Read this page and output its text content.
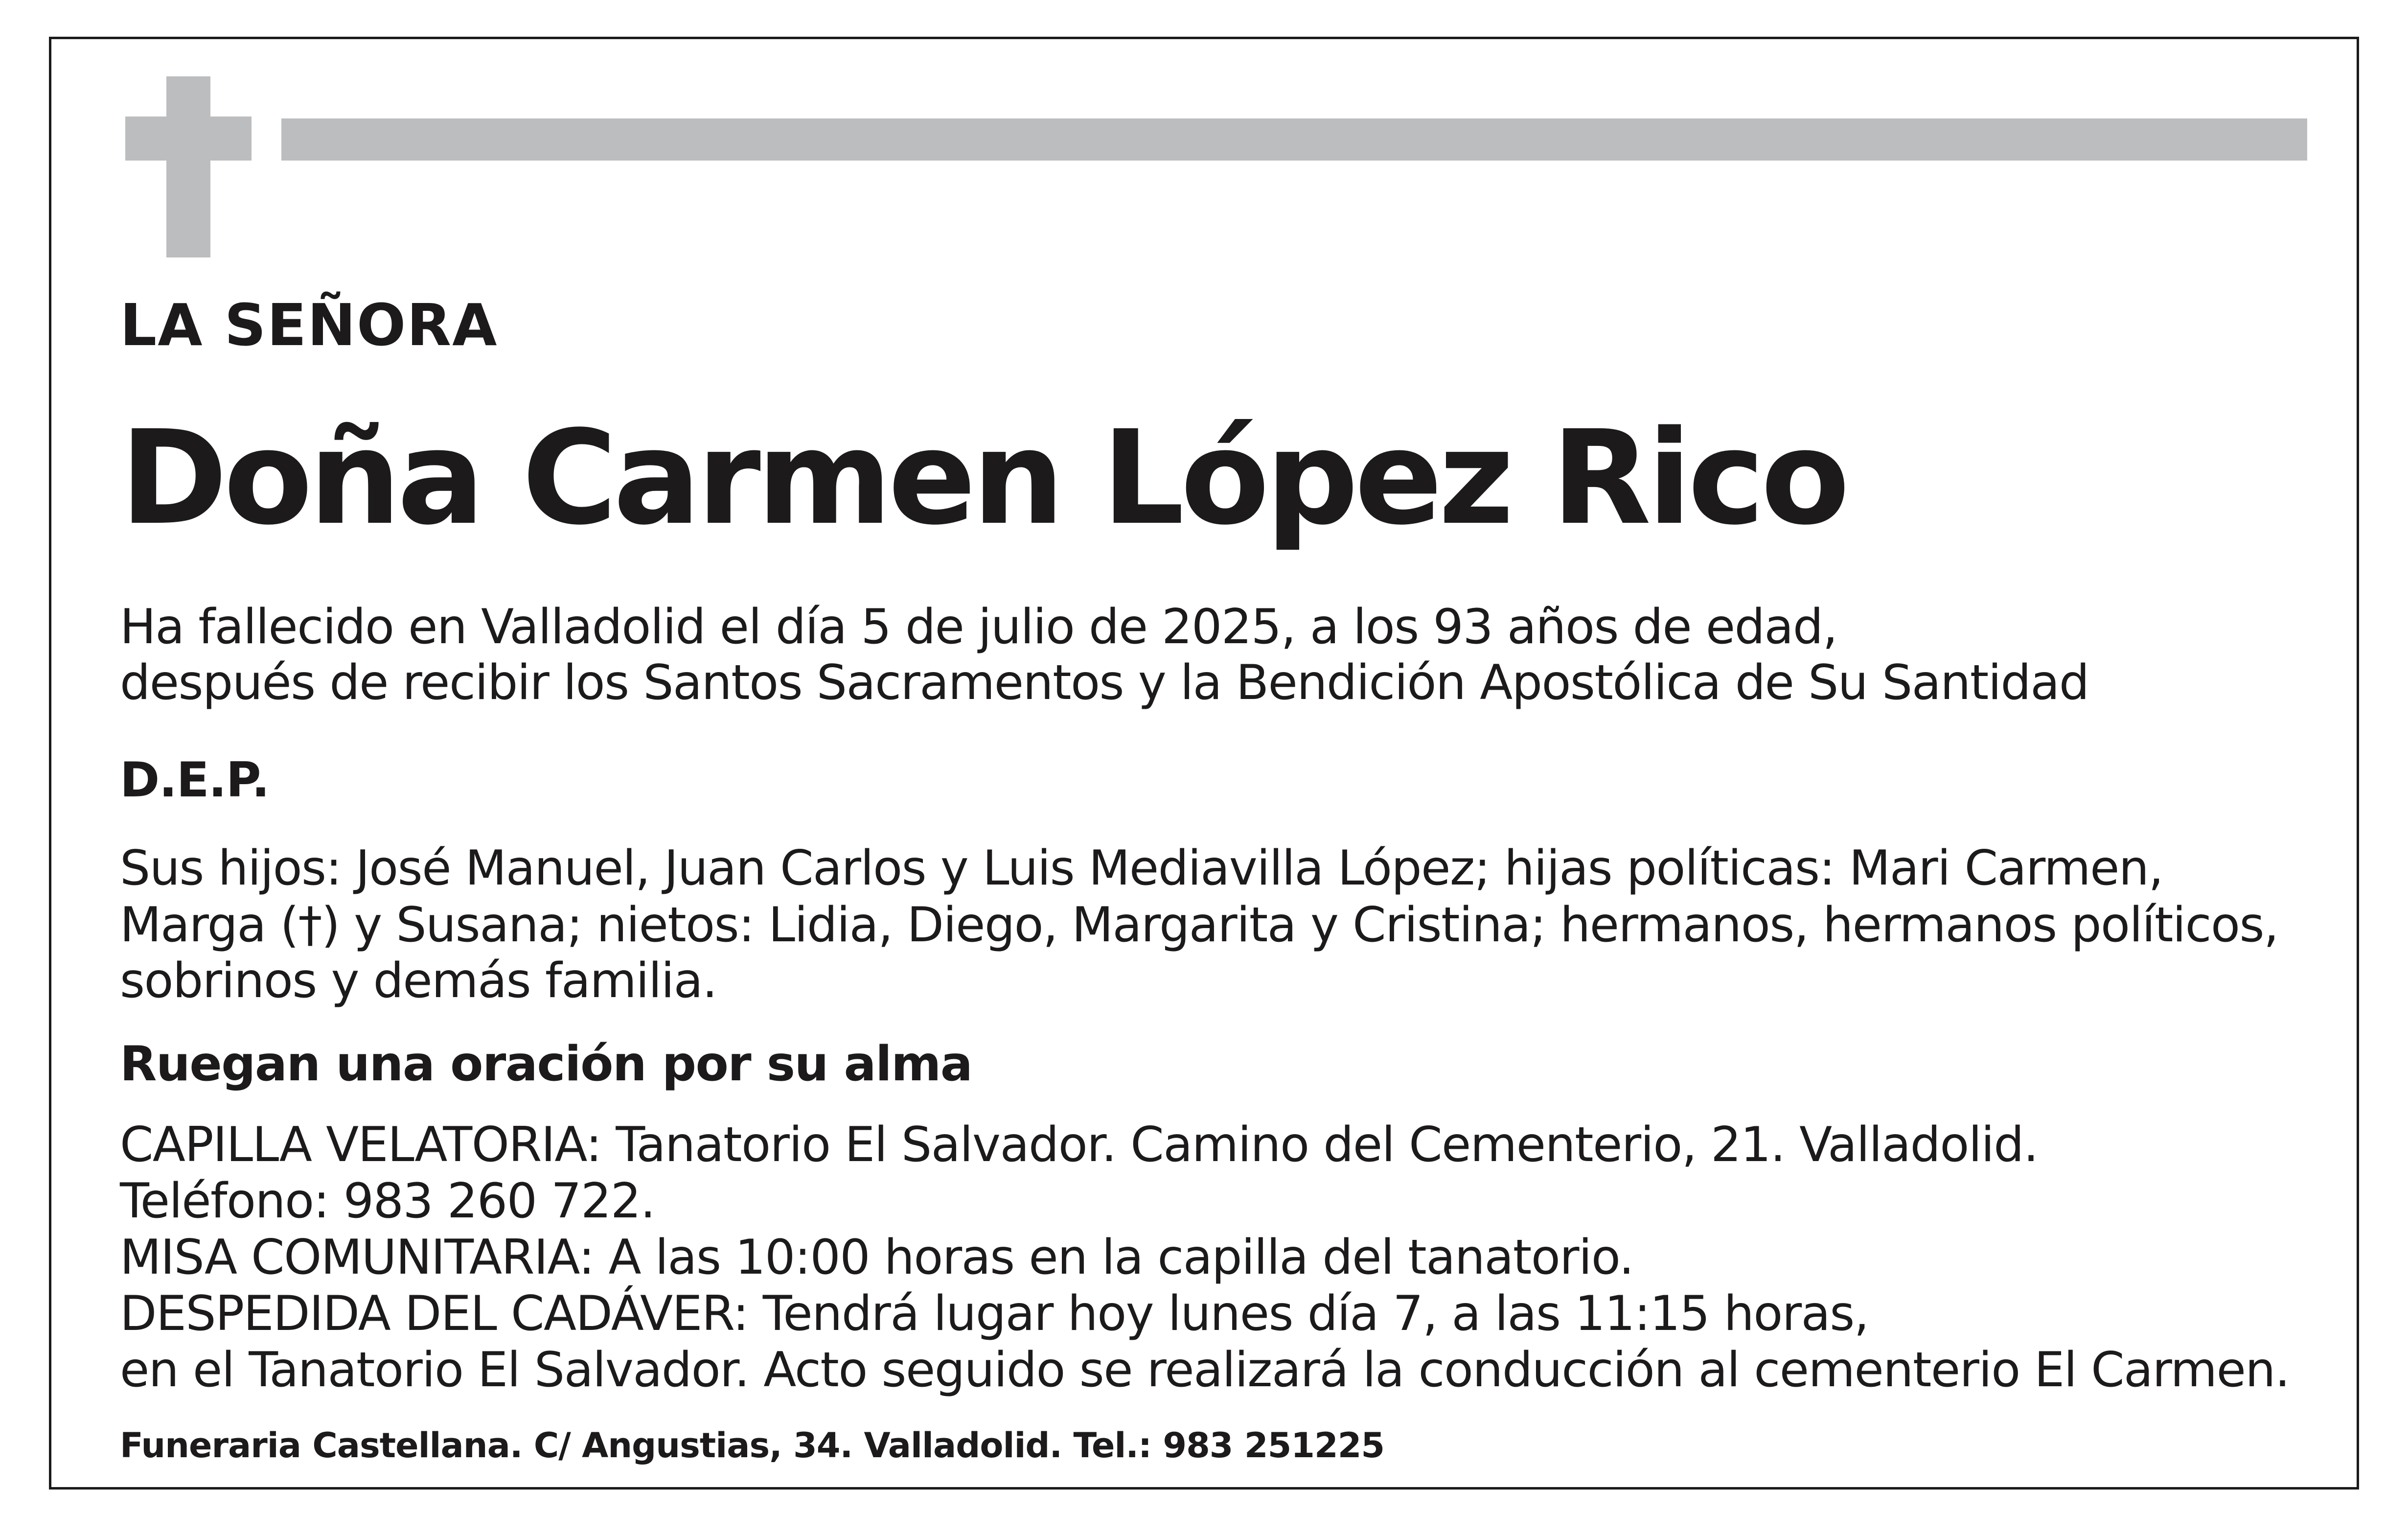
LA SEÑORA
Doña Carmen López Rico
Ha fallecido en Valladolid el día 5 de julio de 2025, a los 93 años de edad,
después de recibir los Santos Sacramentos y la Bendición Apostólica de Su Santidad
D.E.P.
Sus hijos: José Manuel, Juan Carlos y Luis Mediavilla López; hijas políticas: Mari Carmen,
Marga (†) y Susana; nietos: Lidia, Diego, Margarita y Cristina; hermanos, hermanos políticos,
sobrinos y demás familia.
Ruegan una oración por su alma
CAPILLA VELATORIA: Tanatorio El Salvador. Camino del Cementerio, 21. Valladolid.
Teléfono: 983 260 722.
MISA COMUNITARIA: A las 10:00 horas en la capilla del tanatorio.
DESPEDIDA DEL CADÁVER: Tendrá lugar hoy lunes día 7, a las 11:15 horas,
en el Tanatorio El Salvador. Acto seguido se realizará la conducción al cementerio El Carmen.
Funeraria Castellana. C/ Angustias, 34. Valladolid. Tel.: 983 251225
